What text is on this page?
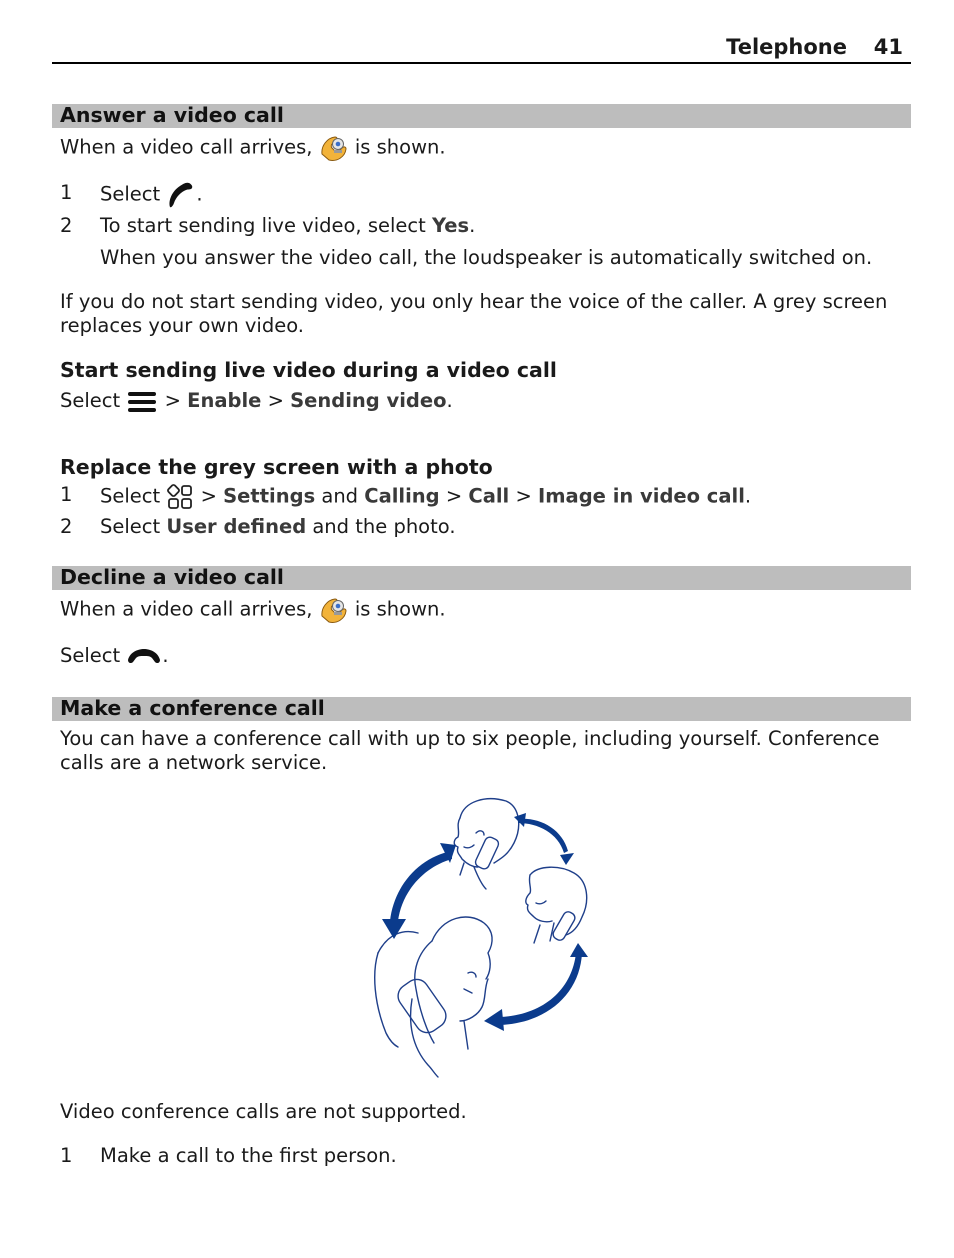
Telephone 41
Answer a video call
When a video call arrives, is shown.
1 Select .
2 To start sending live video, select Yes.
When you answer the video call, the loudspeaker is automatically switched on.
If you do not start sending video, you only hear the voice of the caller. A grey screen replaces your own video.
Start sending live video during a video call
Select > Enable > Sending video.
Replace the grey screen with a photo
1 Select > Settings and Calling > Call > Image in video call.
2 Select User defined and the photo.
Decline a video call
When a video call arrives, is shown.
Select .
Make a conference call
You can have a conference call with up to six people, including yourself. Conference calls are a network service.
Video conference calls are not supported.
1 Make a call to the first person.
